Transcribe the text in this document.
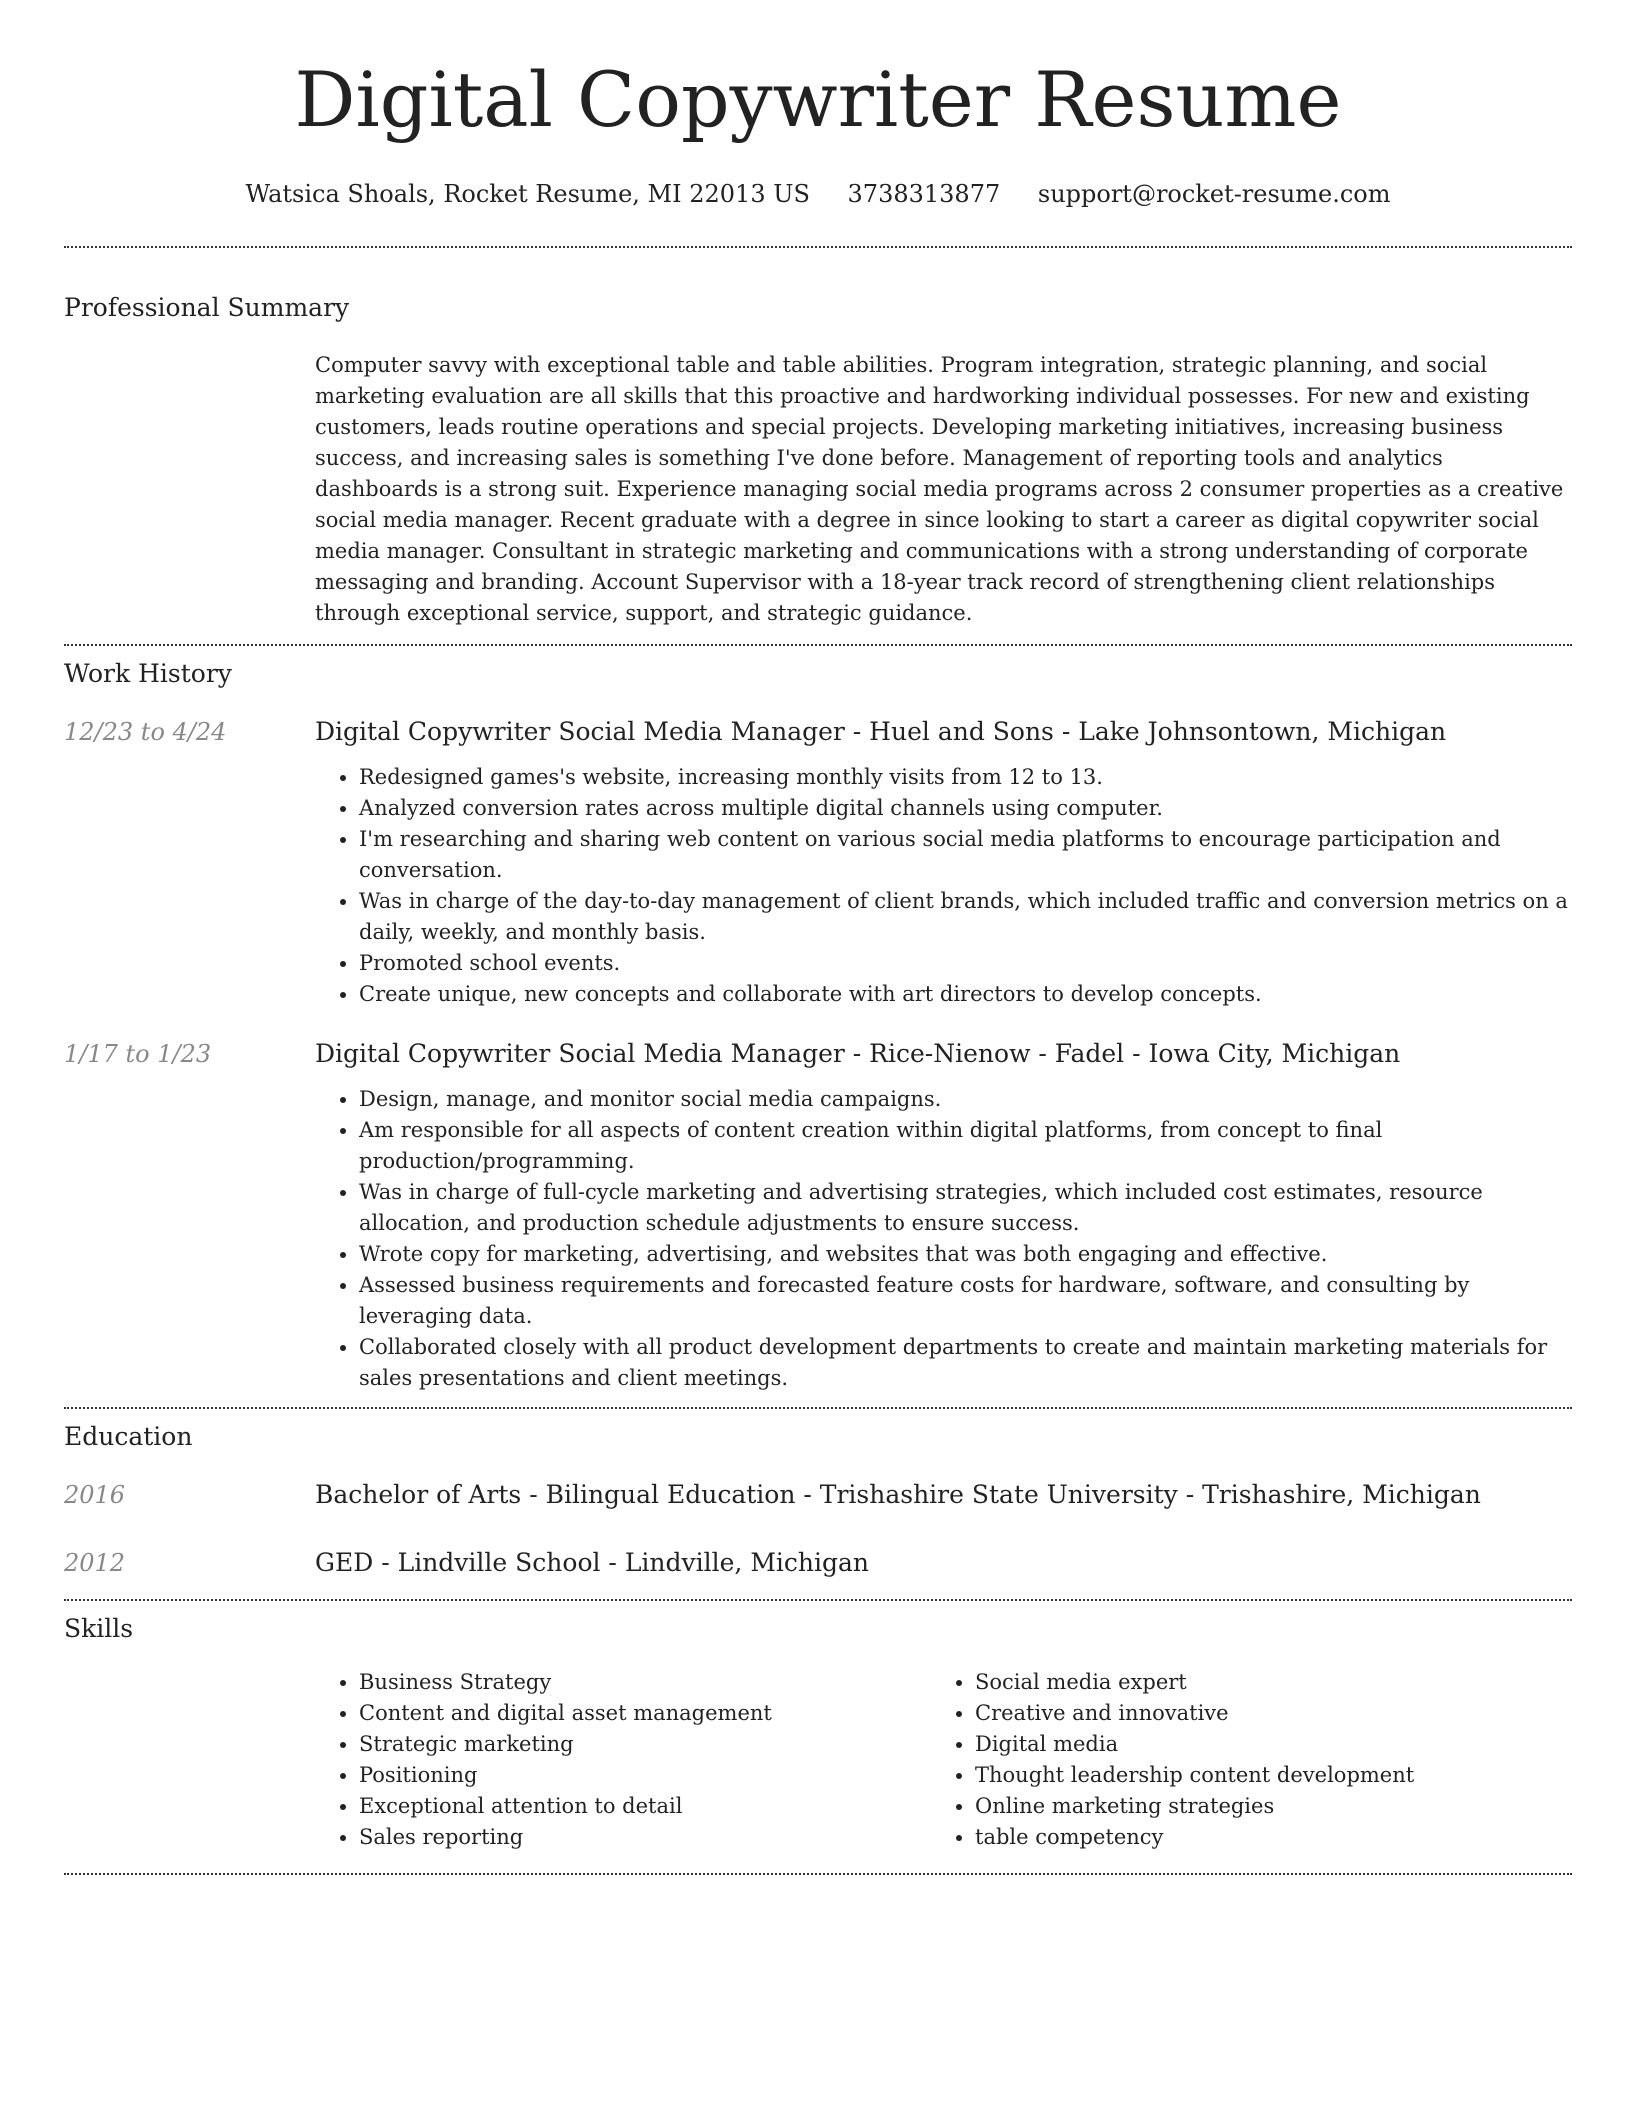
Digital Copywriter Resume
Watsica Shoals, Rocket Resume, MI 22013 US 3738313877 support@rocket-resume.com
Professional Summary
Computer savvy with exceptional table and table abilities. Program integration, strategic planning, and social marketing evaluation are all skills that this proactive and hardworking individual possesses. For new and existing customers, leads routine operations and special projects. Developing marketing initiatives, increasing business success, and increasing sales is something I've done before. Management of reporting tools and analytics dashboards is a strong suit. Experience managing social media programs across 2 consumer properties as a creative social media manager. Recent graduate with a degree in since looking to start a career as digital copywriter social media manager. Consultant in strategic marketing and communications with a strong understanding of corporate messaging and branding. Account Supervisor with a 18-year track record of strengthening client relationships through exceptional service, support, and strategic guidance.
Work History
12/23 to 4/24	Digital Copywriter Social Media Manager - Huel and Sons - Lake Johnsontown, Michigan
• Redesigned games's website, increasing monthly visits from 12 to 13.
• Analyzed conversion rates across multiple digital channels using computer.
• I'm researching and sharing web content on various social media platforms to encourage participation and conversation.
• Was in charge of the day-to-day management of client brands, which included traffic and conversion metrics on a daily, weekly, and monthly basis.
• Promoted school events.
• Create unique, new concepts and collaborate with art directors to develop concepts.
1/17 to 1/23	Digital Copywriter Social Media Manager - Rice-Nienow - Fadel - Iowa City, Michigan
• Design, manage, and monitor social media campaigns.
• Am responsible for all aspects of content creation within digital platforms, from concept to final production/programming.
• Was in charge of full-cycle marketing and advertising strategies, which included cost estimates, resource allocation, and production schedule adjustments to ensure success.
• Wrote copy for marketing, advertising, and websites that was both engaging and effective.
• Assessed business requirements and forecasted feature costs for hardware, software, and consulting by leveraging data.
• Collaborated closely with all product development departments to create and maintain marketing materials for sales presentations and client meetings.
Education
2016	Bachelor of Arts - Bilingual Education - Trishashire State University - Trishashire, Michigan
2012	GED - Lindville School - Lindville, Michigan
Skills
• Business Strategy
• Content and digital asset management
• Strategic marketing
• Positioning
• Exceptional attention to detail
• Sales reporting
• Social media expert
• Creative and innovative
• Digital media
• Thought leadership content development
• Online marketing strategies
• table competency
